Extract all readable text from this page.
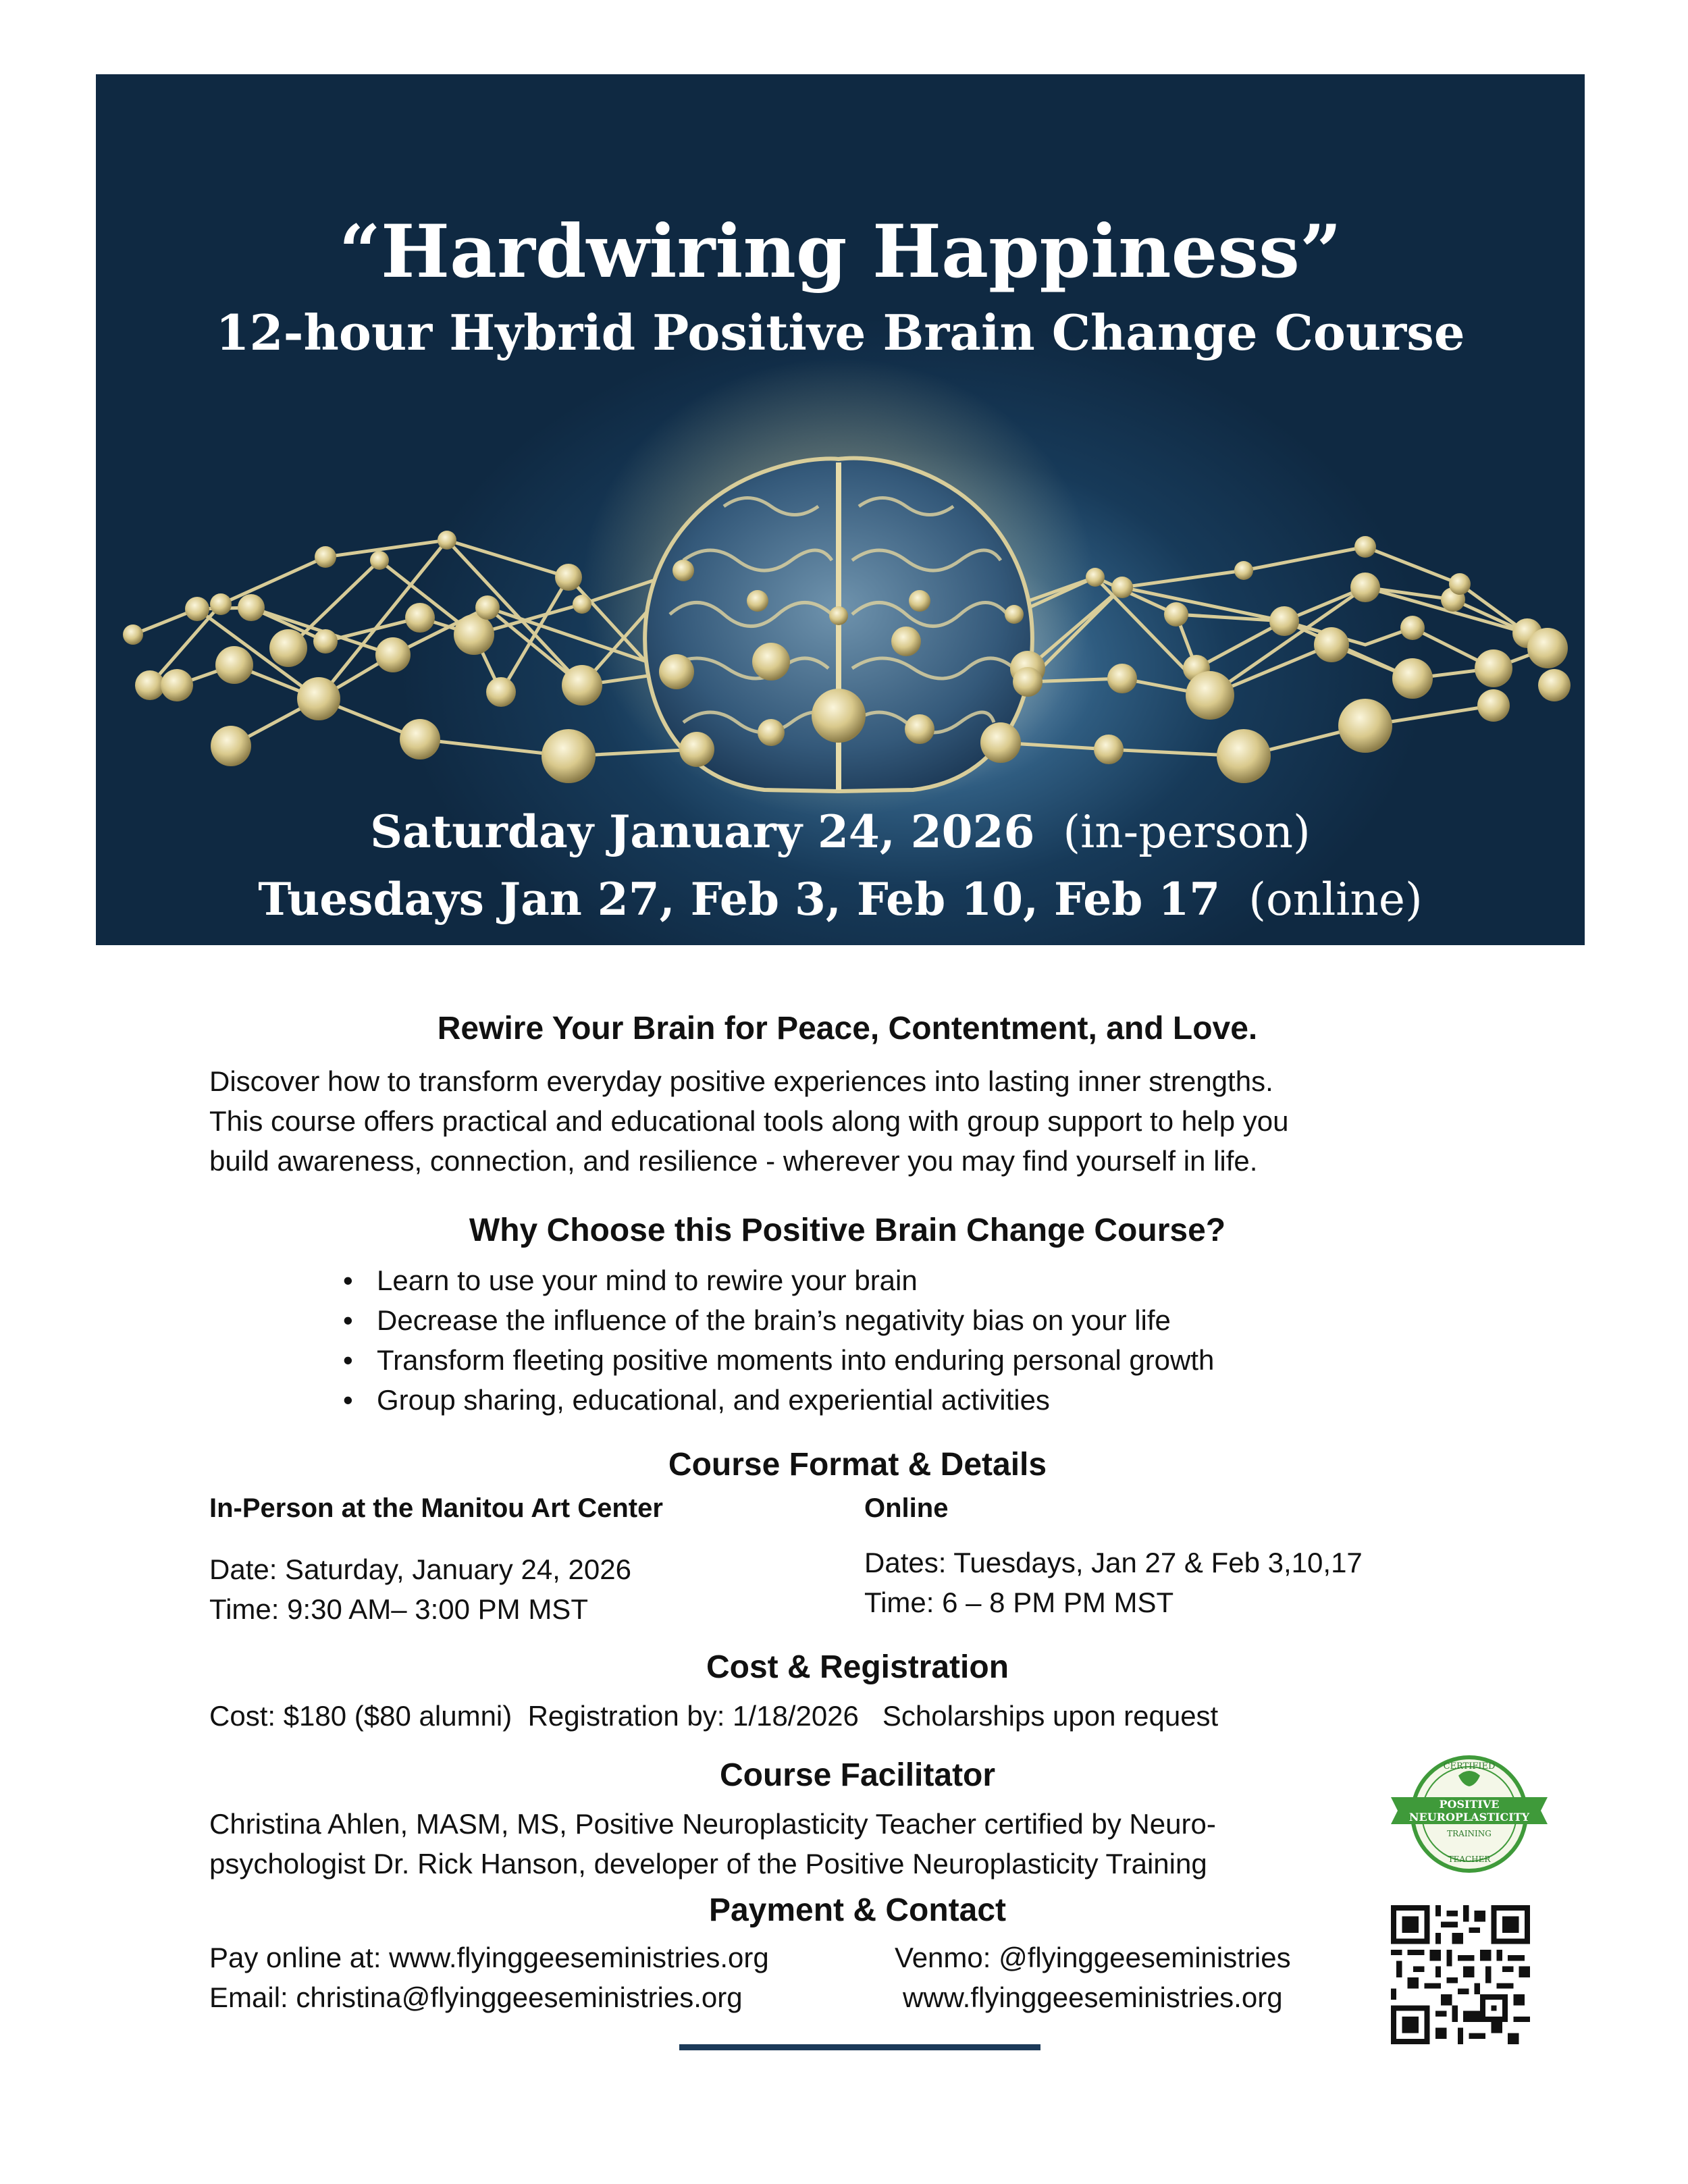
“Hardwiring Happiness”

12-hour Hybrid Positive Brain Change Course

Saturday January 24, 2026 (in-person)

Tuesdays Jan 27, Feb 3, Feb 10, Feb 17 (online)

Rewire Your Brain for Peace, Contentment, and Love.

Discover how to transform everyday positive experiences into lasting inner strengths.

This course offers practical and educational tools along with group support to help you

build awareness, connection, and resilience - wherever you may find yourself in life.

Why Choose this Positive Brain Change Course?
• Learn to use your mind to rewire your brain
• Decrease the influence of the brain’s negativity bias on your life
• Transform fleeting positive moments into enduring personal growth
• Group sharing, educational, and experiential activities
Course Format & Details
In-Person at the Manitou Art Center
Date: Saturday, January 24, 2026
Time: 9:30 AM– 3:00 PM MST
Online
Dates: Tuesdays, Jan 27 & Feb 3,10,17
Time: 6 – 8 PM PM MST
Cost & Registration

Cost: $180 ($80 alumni)  Registration by: 1/18/2026   Scholarships upon request

Course Facilitator

Christina Ahlen, MASM, MS, Positive Neuroplasticity Teacher certified by Neuro-

psychologist Dr. Rick Hanson, developer of the Positive Neuroplasticity Training

CERTIFIED
POSITIVE
NEUROPLASTICITY
TRAINING
TEACHER
Payment & Contact

Pay online at: www.flyinggeeseministries.org

Email: christina@flyinggeeseministries.org

Venmo: @flyinggeeseministries

www.flyinggeeseministries.org
